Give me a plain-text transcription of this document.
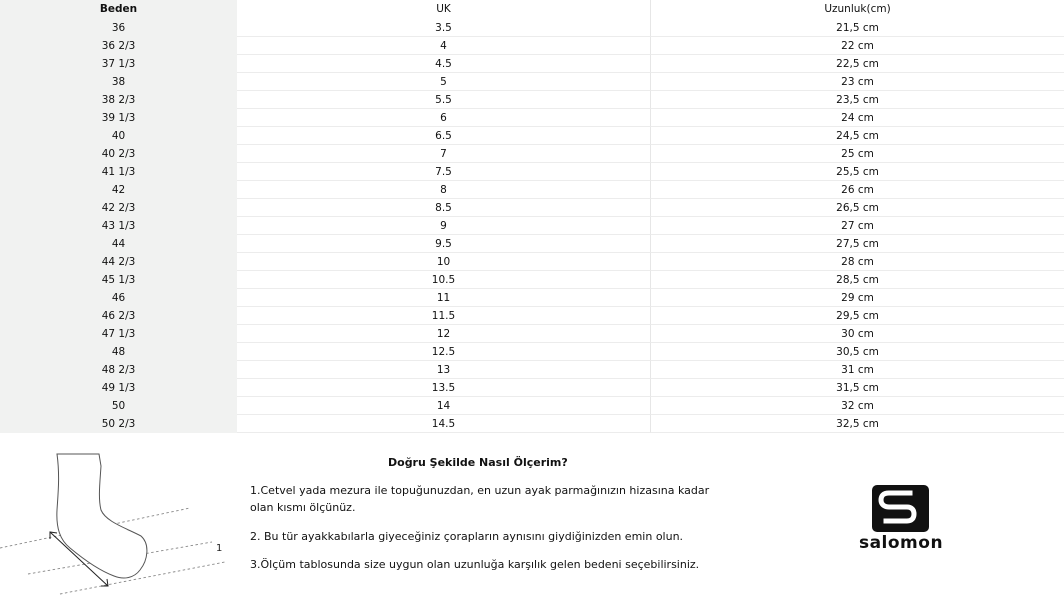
Beden	UK	Uzunluk(cm)
36	3.5	21,5 cm
36 2/3	4	22 cm
37 1/3	4.5	22,5 cm
38	5	23 cm
38 2/3	5.5	23,5 cm
39 1/3	6	24 cm
40	6.5	24,5 cm
40 2/3	7	25 cm
41 1/3	7.5	25,5 cm
42	8	26 cm
42 2/3	8.5	26,5 cm
43 1/3	9	27 cm
44	9.5	27,5 cm
44 2/3	10	28 cm
45 1/3	10.5	28,5 cm
46	11	29 cm
46 2/3	11.5	29,5 cm
47 1/3	12	30 cm
48	12.5	30,5 cm
48 2/3	13	31 cm
49 1/3	13.5	31,5 cm
50	14	32 cm
50 2/3	14.5	32,5 cm
1
Doğru Şekilde Nasıl Ölçerim?
1.Cetvel yada mezura ile topuğunuzdan, en uzun ayak parmağınızın hizasına kadar olan kısmı ölçünüz.
2. Bu tür ayakkabılarla giyeceğiniz çorapların aynısını giydiğinizden emin olun.
3.Ölçüm tablosunda size uygun olan uzunluğa karşılık gelen bedeni seçebilirsiniz.
salomon
